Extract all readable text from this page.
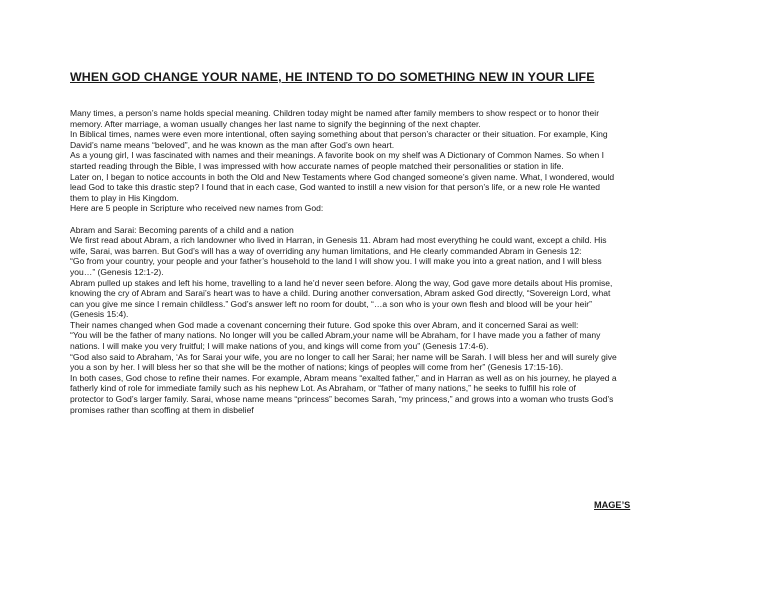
WHEN GOD CHANGE YOUR NAME, HE INTEND TO DO SOMETHING NEW IN YOUR LIFE
Many times, a person’s name holds special meaning. Children today might be named after family members to show respect or to honor their
memory. After marriage, a woman usually changes her last name to signify the beginning of the next chapter.
In Biblical times, names were even more intentional, often saying something about that person’s character or their situation. For example, King
David’s name means “beloved”, and he was known as the man after God’s own heart.
As a young girl, I was fascinated with names and their meanings. A favorite book on my shelf was A Dictionary of Common Names. So when I
started reading through the Bible, I was impressed with how accurate names of people matched their personalities or station in life.
Later on, I began to notice accounts in both the Old and New Testaments where God changed someone’s given name. What, I wondered, would
lead God to take this drastic step? I found that in each case, God wanted to instill a new vision for that person’s life, or a new role He wanted
them to play in His Kingdom.
Here are 5 people in Scripture who received new names from God:
Abram and Sarai: Becoming parents of a child and a nation
We first read about Abram, a rich landowner who lived in Harran, in Genesis 11. Abram had most everything he could want, except a child. His
wife, Sarai, was barren. But God’s will has a way of overriding any human limitations, and He clearly commanded Abram in Genesis 12:
“Go from your country, your people and your father’s household to the land I will show you. I will make you into a great nation, and I will bless
you…” (Genesis 12:1-2).
Abram pulled up stakes and left his home, travelling to a land he’d never seen before. Along the way, God gave more details about His promise,
knowing the cry of Abram and Sarai’s heart was to have a child. During another conversation, Abram asked God directly, “Sovereign Lord, what
can you give me since I remain childless.” God’s answer left no room for doubt, “…a son who is your own flesh and blood will be your heir”
(Genesis 15:4).
Their names changed when God made a covenant concerning their future. God spoke this over Abram, and it concerned Sarai as well:
“You will be the father of many nations. No longer will you be called Abram,your name will be Abraham, for I have made you a father of many
nations. I will make you very fruitful; I will make nations of you, and kings will come from you” (Genesis 17:4-6).
“God also said to Abraham, ‘As for Sarai your wife, you are no longer to call her Sarai; her name will be Sarah. I will bless her and will surely give
you a son by her. I will bless her so that she will be the mother of nations; kings of peoples will come from her” (Genesis 17:15-16).
In both cases, God chose to refine their names. For example, Abram means “exalted father,” and in Harran as well as on his journey, he played a
fatherly kind of role for immediate family such as his nephew Lot. As Abraham, or “father of many nations,” he seeks to fulfill his role of
protector to God’s larger family. Sarai, whose name means “princess” becomes Sarah, “my princess,” and grows into a woman who trusts God’s
promises rather than scoffing at them in disbelief
MAGE’S
